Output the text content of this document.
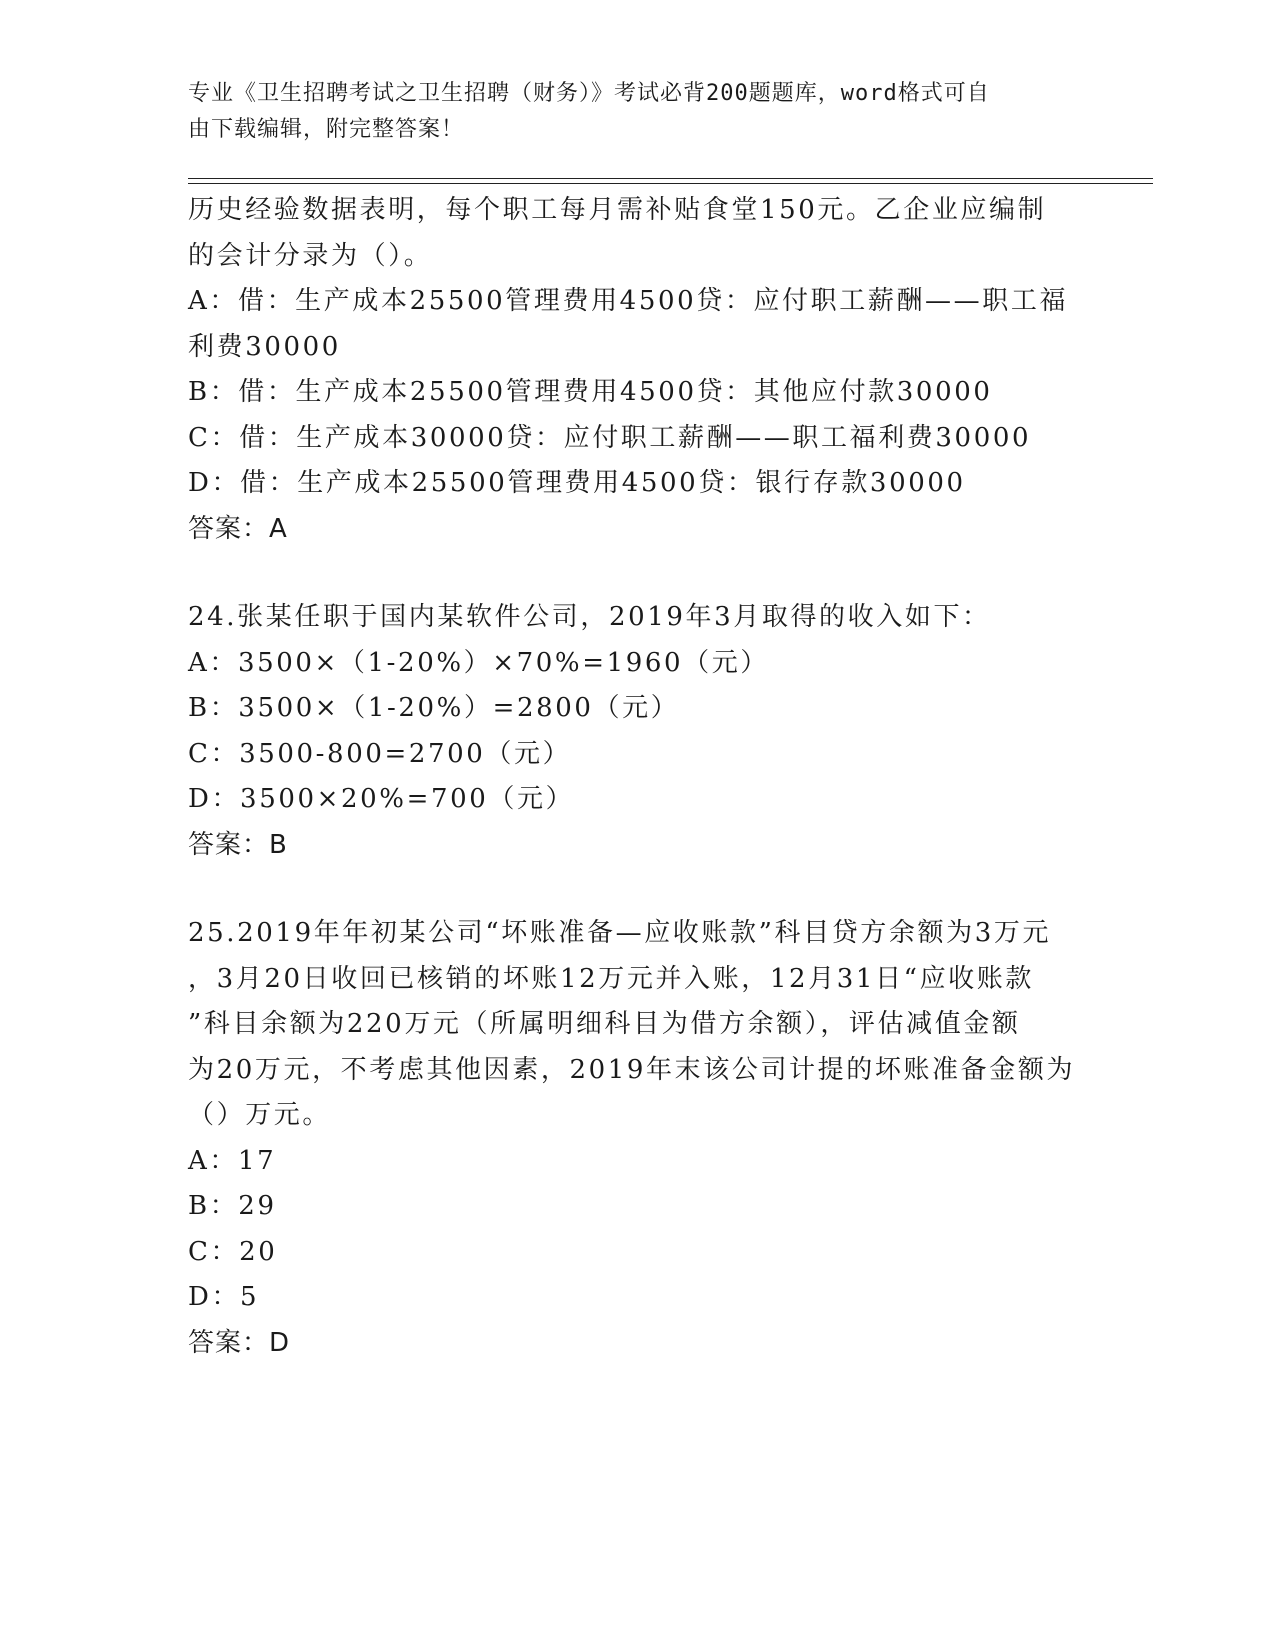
专业《卫生招聘考试之卫生招聘（财务）》考试必背200题题库，word格式可自
由下载编辑，附完整答案！
历史经验数据表明，每个职工每月需补贴食堂150元。乙企业应编制
的会计分录为（）。
A：借：生产成本25500管理费用4500贷：应付职工薪酬——职工福
利费30000
B：借：生产成本25500管理费用4500贷：其他应付款30000
C：借：生产成本30000贷：应付职工薪酬——职工福利费30000
D：借：生产成本25500管理费用4500贷：银行存款30000
答案：A
24.张某任职于国内某软件公司，2019年3月取得的收入如下：
A：3500×（1-20%）×70%=1960（元）
B：3500×（1-20%）=2800（元）
C：3500-800=2700（元）
D：3500×20%=700（元）
答案：B
25.2019年年初某公司“坏账准备—应收账款”科目贷方余额为3万元
，3月20日收回已核销的坏账12万元并入账，12月31日“应收账款
”科目余额为220万元（所属明细科目为借方余额），评估减值金额
为20万元，不考虑其他因素，2019年末该公司计提的坏账准备金额为
（）万元。
A：17
B：29
C：20
D：5
答案：D
